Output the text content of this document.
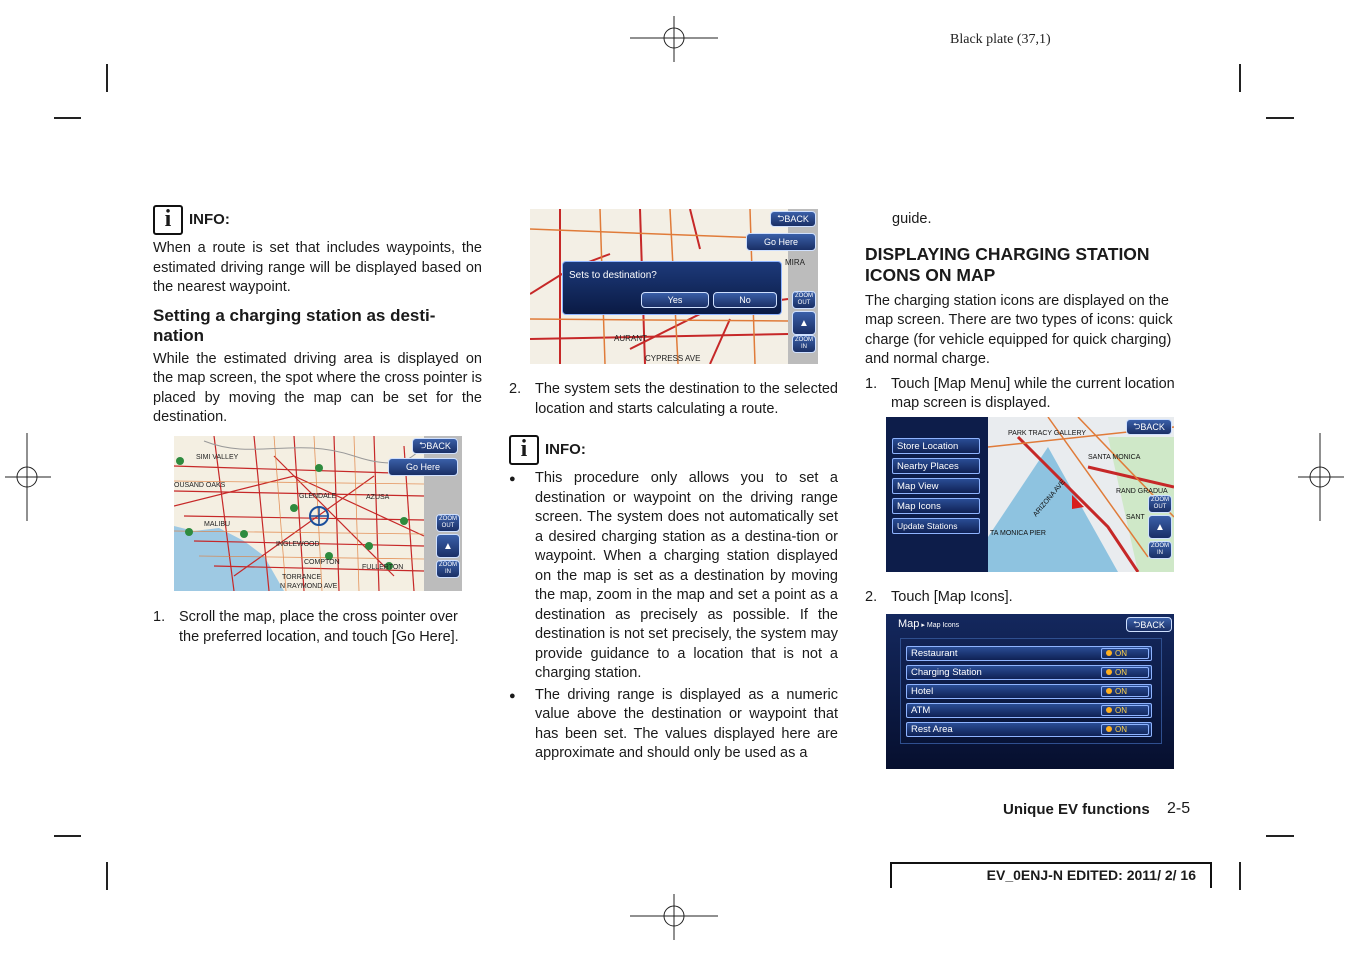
Black plate (37,1)
i	INFO:

When a route is set that includes waypoints, the estimated driving range will be displayed based on the nearest waypoint.

Setting a charging station as desti-nation

While the estimated driving area is displayed on the map screen, the spot where the cross pointer is placed by moving the map can be set for the destination.

SIMI VALLEY
OUSAND OAKS
MALIBU
GLENDALE	AZUSA
INGLEWOOD
COMPTON
TORRANCE
N RAYMOND AVE
FULLERTON
⮌ BACK
Go Here
ZOOM OUT
▲
ZOOM IN
1. Scroll the map, place the cross pointer over the preferred location, and touch [Go Here].
CYPRESS AVE
MIRA
AURANT
⮌ BACK
Go Here
Sets to destination?
Yes	No	ZOOM OUT
▲
ZOOM IN
2. The system sets the destination to the selected location and starts calculating a route.
i	INFO:
● This procedure only allows you to set a destination or waypoint on the driving range screen. The system does not automatically set a desired charging station as a destina-tion or waypoint. When a charging station displayed on the map is set as a destination by moving the map, zoom in the map and set a point as a destination as precisely as possible. If the destination is not set precisely, the system may provide guidance to a location that is not a charging station.
● The driving range is displayed as a numeric value above the destination or waypoint that has been set. The values displayed here are approximate and should only be used as a

guide.

DISPLAYING CHARGING STATION ICONS ON MAP

The charging station icons are displayed on the map screen. There are two types of icons: quick charge (for vehicle equipped for quick charging) and normal charge.

1. Touch [Map Menu] while the current location map screen is displayed.
PARK TRACY GALLERY
SANTA MONICA
RAND GRADUA
SANT
TA MONICA PIER
ARIZONA AVE
Store Location
Nearby Places
Map View
Map Icons
Update Stations
⮌ BACK
ZOOM OUT
▲
ZOOM IN
2. Touch [Map Icons].
Map ▸ Map Icons	⮌ BACK
Restaurant	ON
Charging Station	ON
Hotel	ON
ATM	ON
Rest Area	ON
Unique EV functions 2-5
EV_0ENJ-N EDITED: 2011/ 2/ 16
